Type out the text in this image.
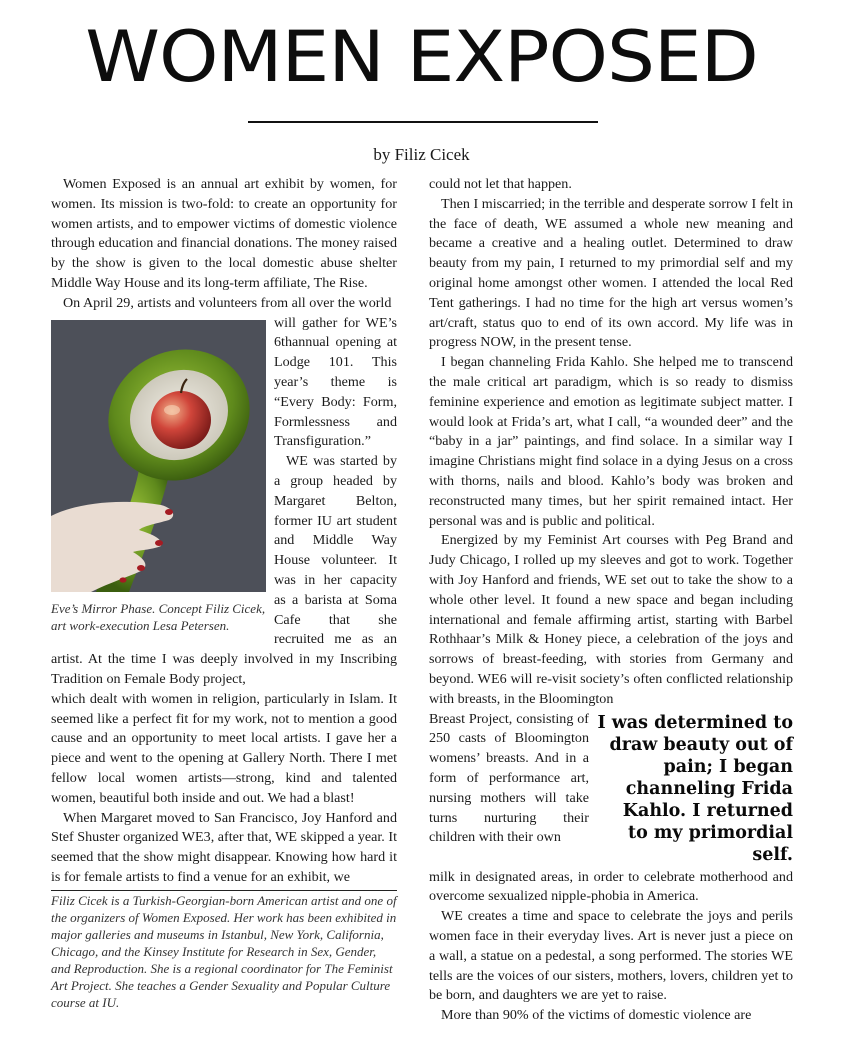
WOMEN EXPOSED
by Filiz Cicek

Women Exposed is an annual art exhibit by women, for women. Its mission is two-fold: to create an opportunity for women artists, and to empower victims of domestic violence through education and financial donations. The money raised by the show is given to the local domestic abuse shelter Middle Way House and its long-term affiliate, The Rise.

On April 29, artists and volunteers from all over the world

Eve’s Mirror Phase. Concept Filiz Cicek, art work-execution Lesa Petersen.

will gather for WE’s 6thannual opening at Lodge 101. This year’s theme is “Every Body: Form, Formlessness and Transfiguration.”

WE was started by a group headed by Margaret Belton, former IU art student and Middle Way House volunteer. It was in her capacity as a barista at Soma Cafe that she recruited me as an artist. At the time I was deeply involved in my Inscribing Tradition on Female Body project,

which dealt with women in religion, particularly in Islam. It seemed like a perfect fit for my work, not to mention a good cause and an opportunity to meet local artists. I gave her a piece and went to the opening at Gallery North. There I met fellow local women artists—strong, kind and talented women, beautiful both inside and out. We had a blast!

When Margaret moved to San Francisco, Joy Hanford and Stef Shuster organized WE3, after that, WE skipped a year. It seemed that the show might disappear. Knowing how hard it is for female artists to find a venue for an exhibit, we

Filiz Cicek is a Turkish-Georgian-born American artist and one of the organizers of Women Exposed. Her work has been exhibited in major galleries and museums in Istanbul, New York, California, Chicago, and the Kinsey Institute for Research in Sex, Gender, and Reproduction. She is a regional coordinator for The Feminist Art Project. She teaches a Gender Sexuality and Popular Culture course at IU.

could not let that happen.

Then I miscarried; in the terrible and desperate sorrow I felt in the face of death, WE assumed a whole new meaning and became a creative and a healing outlet. Determined to draw beauty from my pain, I returned to my primordial self and my original home amongst other women. I attended the local Red Tent gatherings. I had no time for the high art versus women’s art/craft, status quo to end of its own accord. My life was in progress NOW, in the present tense.

I began channeling Frida Kahlo. She helped me to transcend the male critical art paradigm, which is so ready to dismiss feminine experience and emotion as legitimate subject matter. I would look at Frida’s art, what I call, “a wounded deer” and the “baby in a jar” paintings, and find solace. In a similar way I imagine Christians might find solace in a dying Jesus on a cross with thorns, nails and blood. Kahlo’s body was broken and reconstructed many times, but her spirit remained intact. Her personal was and is public and political.

Energized by my Feminist Art courses with Peg Brand and Judy Chicago, I rolled up my sleeves and got to work. Together with Joy Hanford and friends, WE set out to take the show to a whole other level. It found a new space and began including international and female affirming artist, starting with Barbel Rothhaar’s Milk & Honey piece, a celebration of the joys and sorrows of breast-feeding, with stories from Germany and beyond. WE6 will re-visit society’s often conflicted relationship with breasts, in the Bloomington

I was determined to draw beauty out of pain; I began channeling Frida Kahlo. I returned to my primordial self.

Breast Project, consisting of 250 casts of Bloomington womens’ breasts. And in a form of performance art, nursing mothers will take turns nurturing their children with their own

milk in designated areas, in order to celebrate motherhood and overcome sexualized nipple-phobia in America.

WE creates a time and space to celebrate the joys and perils women face in their everyday lives. Art is never just a piece on a wall, a statue on a pedestal, a song performed. The stories WE tells are the voices of our sisters, mothers, lovers, children yet to be born, and daughters we are yet to raise.

More than 90% of the victims of domestic violence are
